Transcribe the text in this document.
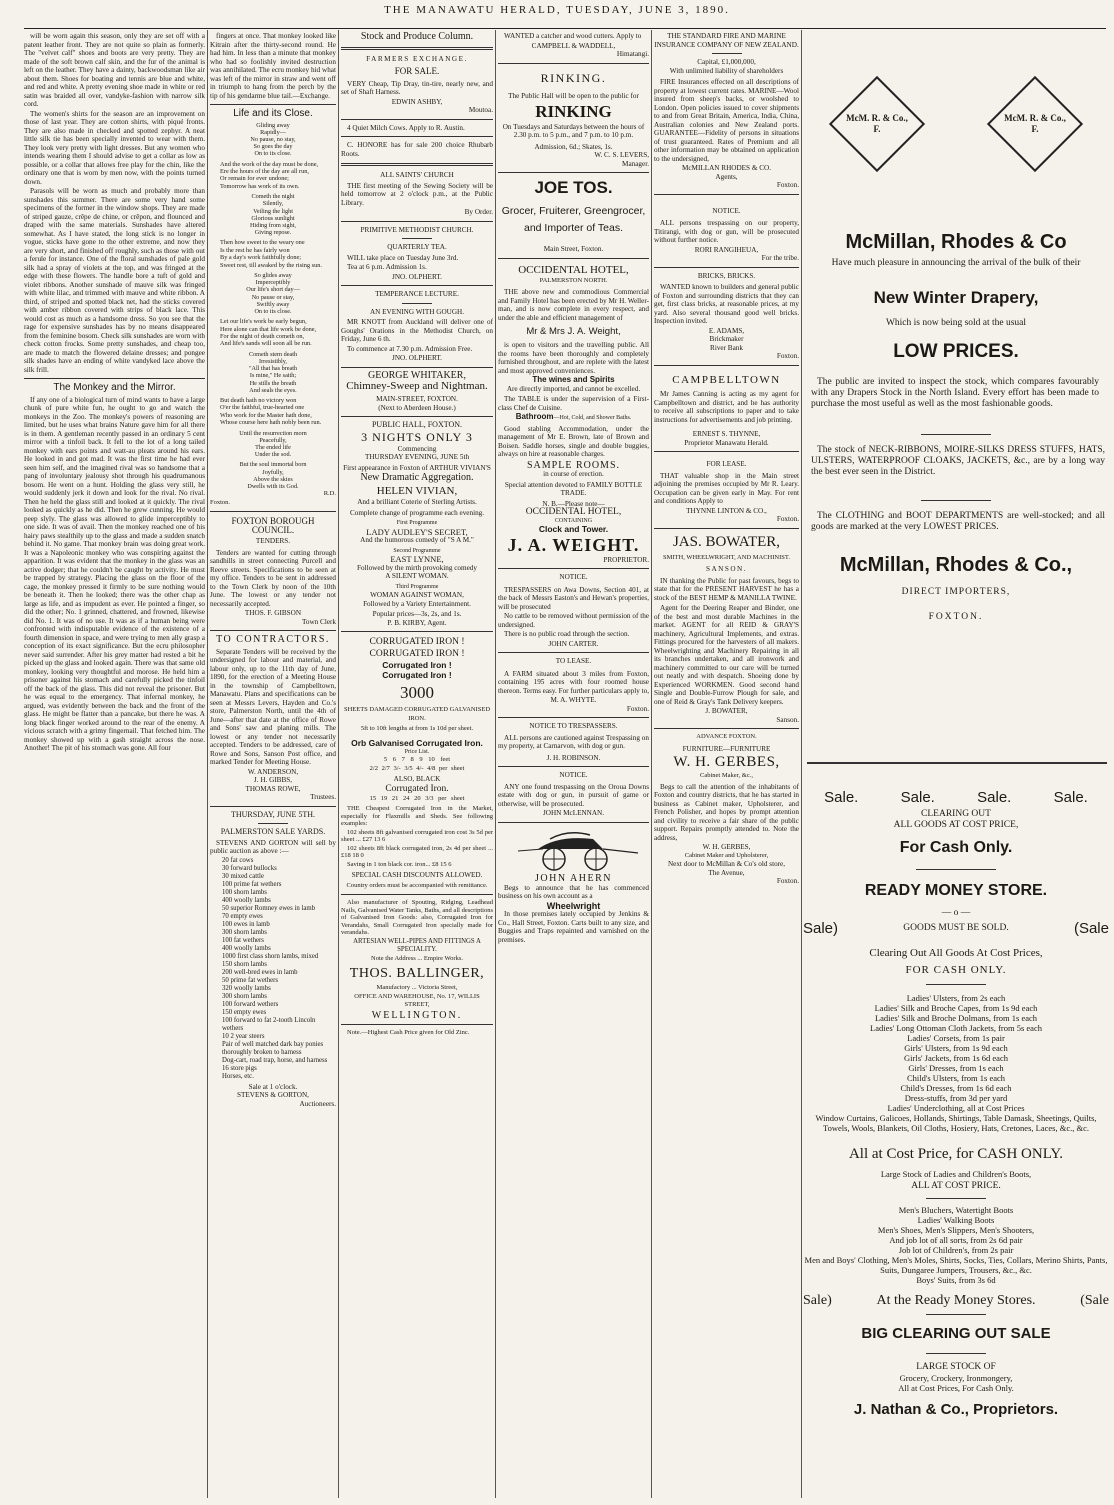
THE MANAWATU HERALD, TUESDAY, JUNE 3, 1890.

will be worn again this season, only they are set off with a patent leather front. They are not quite so plain as formerly. The "velvet calf" shoes and boots are very pretty. They are made of the soft brown calf skin, and the fur of the animal is left on the leather. They have a dainty, backwoodsman like air about them. Shoes for boating and tennis are blue and white, and red and white. A pretty evening shoe made in white or red satin was braided all over, vandyke-fashion with narrow silk cord.

The women's shirts for the season are an improvement on those of last year. They are cotton shirts, with piqué fronts. They are also made in checked and spotted zephyr. A neat little silk tie has been specially invented to wear with them. They look very pretty with light dresses. But any women who intends wearing them I should advise to get a collar as low as possible, or a collar that allows free play for the chin, like the ordinary one that is worn by men now, with the points turned down.

Parasols will be worn as much and probably more than sunshades this summer. There are some very hand some specimens of the former in the window shops. They are made of striped gauze, crêpe de chine, or crêpon, and flounced and draped with the same materials. Sunshades have altered somewhat. As I have stated, the long stick is no longer in vogue, sticks have gone to the other extreme, and now they are very short, and finished off roughly, such as those with out a ferule for instance. One of the floral sunshades of pale gold silk had a spray of violets at the top, and was fringed at the edge with these flowers. The handle bore a tuft of gold and violet ribbons. Another sunshade of mauve silk was fringed with white lilac, and trimmed with mauve and white ribbon. A third, of striped and spotted black net, had the sticks covered with amber ribbon covered with strips of black lace. This would cost as much as a handsome dress. So you see that the rage for expensive sunshades has by no means disappeared from the feminine bosom. Check silk sunshades are worn with check cotton frocks. Some pretty sunshades, and cheap too, are made to match the flowered delaine dresses; and pongee silk shades have an ending of white vandyked lace above the silk frill.

The Monkey and the Mirror.

If any one of a biological turn of mind wants to have a large chunk of pure white fun, he ought to go and watch the monkeys in the Zoo. The monkey's powers of reasoning are limited, but he uses what brains Nature gave him for all there is in them. A gentleman recently passed in an ordinary 5 cent mirror with a tinfoil back. It fell to the lot of a long tailed monkey with ears points and watt-au pleats around his ears. He looked in and got mad. It was the first time he had ever seen him self, and the imagined rival was so handsome that a pang of involuntary jealousy shot through his quadrumanous bosom. He went on a hunt. Holding the glass very still, he would suddenly jerk it down and look for the rival. No rival. Then he held the glass still and looked at it quickly. The rival looked as quickly as he did. Then he grew cunning. He would peep slyly. The glass was allowed to glide imperceptibly to one side. It was of avail. Then the monkey reached one of his hairy paws stealthily up to the glass and made a sudden snatch behind it. No game. That monkey brain was doing great work. It was a Napoleonic monkey who was conspiring against the apparition. It was evident that the monkey in the glass was an active dodger; that he couldn't be caught by activity. He must be trapped by strategy. Placing the glass on the floor of the cage, the monkey pressed it firmly to be sure nothing would be beneath it. Then he looked; there was the other chap as large as life, and as impudent as ever. He pointed a finger, so did the other; No. 1 grinned, chattered, and frowned, likewise did No. 1. It was of no use. It was as if a human being were confronted with indisputable evidence of the existence of a fourth dimension in space, and were trying to men ally grasp a conception of its exact significance. But the ecru philosopher never said surrender. After his grey matter had rested a bit he picked up the glass and looked again. There was that same old monkey, looking very thoughtful and morose. He held him a prisoner against his stomach and carefully picked the tinfoil off the back of the glass. This did not reveal the prisoner. But he was equal to the emergency. That infernal monkey, he argued, was evidently between the back and the front of the glass. He might be flatter than a pancake, but there he was. A long black finger worked around to the rear of the enemy. A vicious scratch with a grimy fingernail. That fetched him. The monkey showed up with a gash straight across the nose. Another! The pit of his stomach was gone. All four

fingers at once. That monkey looked like Kitrain after the thirty-second round. He had him. In less than a minute that monkey who had so foolishly invited destruction was annihilated. The ecru monkey hid what was left of the mirror in straw and went off in triumph to hang from the perch by the tip of his gendarme blue tail.—Exchange.

Life and its Close.
Gliding away
Rapidly—
No pause, no stay,
So goes the day
On to its close.
And the work of the day must be done,
Ere the hours of the day are all run,
Or remain for ever undone;
Tomorrow has work of its own.
Cometh the night
Silently,
Veiling the light
Glorious sunlight
Hiding from sight,
Giving repose.
Then how sweet to the weary one
Is the rest he has fairly won
By a day's work faithfully done;
Sweet rest, till awaked by the rising sun.
So glides away
Imperceptibly
Our life's short day—
No pause or stay,
Swiftly away
On to its close.
Let our life's work be early begun,
Here alone can that life work be done,
For the night of death cometh on,
And life's sands will soon all be run.
Cometh stern death
Irresistibly,
"All that has breath
Is mine," He saith;
He stills the breath
And seals the eyes.
But death hath no victory won
O'er the faithful, true-hearted one
Who work for the Master hath done,
Whose course here hath nobly been run.
Until the resurrection morn
Peacefully,
The ended life
Under the sod.
But the soul immortal born
Joyfully,
Above the skies
Dwells with its God.
R.D.
Foxton.
FOXTON BOROUGH COUNCIL.
TENDERS.

Tenders are wanted for cutting through sandhills in street connecting Purcell and Reeve streets. Specifications to be seen at my office. Tenders to be sent in addressed to the Town Clerk by noon of the 10th June. The lowest or any tender not necessarily accepted.

THOS. F. GIBSON
Town Clerk
TO CONTRACTORS.

Separate Tenders will be received by the undersigned for labour and material, and labour only, up to the 11th day of June, 1890, for the erection of a Meeting House in the township of Campbelltown, Manawatu. Plans and specifications can be seen at Messrs Levers, Hayden and Co.'s store, Palmerston North, until the 4th of June—after that date at the office of Rowe and Sons' saw and planing mills. The lowest or any tender not necessarily accepted. Tenders to be addressed, care of Rowe and Sons, Sanson Post office, and marked Tender for Meeting House.

W. ANDERSON,
J. H. GIBBS,
THOMAS ROWE,
Trustees.
THURSDAY, JUNE 5TH.
PALMERSTON SALE YARDS.

STEVENS AND GORTON will sell by public auction as above :—

20 fat cows
30 forward bullocks
30 mixed cattle
100 prime fat wethers
100 shorn lambs
400 woolly lambs
50 superior Romney ewes in lamb
70 empty ewes
100 ewes in lamb
300 shorn lambs
100 fat wethers
400 woolly lambs
1000 first class shorn lambs, mixed
150 shorn lambs
200 well-bred ewes in lamb
50 prime fat wethers
320 woolly lambs
300 shorn lambs
100 forward wethers
150 empty ewes
100 forward to fat 2-tooth Lincoln wethers
10 2 year steers
Pair of well matched dark bay ponies thoroughly broken to harness
Dog-cart, road trap, horse, and harness
16 store pigs
Horses, etc.
Sale at 1 o'clock.
STEVENS & GORTON,
Auctioneers.
Stock and Produce Column.
FARMERS EXCHANGE.
FOR SALE.

VERY Cheap, Tip Dray, tin-tire, nearly new, and set of Shaft Harness.

EDWIN ASHBY,
Moutoa.

4 Quiet Milch Cows. Apply to R. Austin.

C. HONORE has for sale 200 choice Rhubarb Roots.

ALL SAINTS' CHURCH

THE first meeting of the Sewing Society will be held tomorrow at 2 o'clock p.m., at the Public Library.

By Order.
PRIMITIVE METHODIST CHURCH.
QUARTERLY TEA.

WILL take place on Tuesday June 3rd.

Tea at 6 p.m. Admission 1s.

JNO. OLPHERT.
TEMPERANCE LECTURE.
AN EVENING WITH GOUGH.

MR KNOTT from Auckland will deliver one of Goughs' Orations in the Methodist Church, on Friday, June 6 th.

To commence at 7.30 p.m. Admission Free.

JNO. OLPHERT.
GEORGE WHITAKER,
Chimney-Sweep and Nightman.
MAIN-STREET, FOXTON.
(Next to Aberdeen House.)
PUBLIC HALL, FOXTON.
3 NIGHTS ONLY 3
Commencing
THURSDAY EVENING, JUNE 5th
First appearance in Foxton of ARTHUR VIVIAN'S
New Dramatic Aggregation.
HELEN VIVIAN,
And a brilliant Coterie of Sterling Artists.
Complete change of programme each evening.
First Programme
LADY AUDLEY'S SECRET,
And the humorous comedy of "S A M."
Second Programme
EAST LYNNE,
Followed by the mirth provoking comedy
A SILENT WOMAN.
Third Programme
WOMAN AGAINST WOMAN,
Followed by a Variety Entertainment.
Popular prices—3s, 2s, and 1s.
P. B. KIRBY, Agent.
CORRUGATED IRON !
CORRUGATED IRON !
Corrugated Iron !
Corrugated Iron !
3000
SHEETS DAMAGED CORRUGATED GALVANISED IRON.
5ft to 10ft lengths at from 1s 10d per sheet.
Orb Galvanised Corrugated Iron.
Price List.
5 6 7 8 9 10 feet
2/2 2/7 3/- 3/5 4/- 4/8 per sheet
ALSO, BLACK
Corrugated Iron.
15 19 21 24 20 3/3 per sheet

THE Cheapest Corrugated Iron in the Market, especially for Flaxmills and Sheds. See following examples:

102 sheets 8ft galvanised corrugated iron cost 3s 5d per sheet ... £27 13 6

102 sheets 8ft black corrugated iron, 2s 4d per sheet ... £18 18 0

Saving in 1 ton black cor. iron... £8 15 6

SPECIAL CASH DISCOUNTS ALLOWED.
Country orders must be accompanied with remittance.

Also manufacturer of Spouting, Ridging, Leadhead Nails, Galvanised Water Tanks, Baths, and all descriptions of Galvanised Iron Goods: also, Corrugated Iron for Verandahs, Small Corrugated Iron specially made for verandahs.

ARTESIAN WELL-PIPES AND FITTINGS A SPECIALITY.
Note the Address ... Empire Works.
THOS. BALLINGER,
Manufactory ... Victoria Street,
OFFICE AND WAREHOUSE, No. 17, WILLIS STREET,
WELLINGTON.

Note.—Highest Cash Price given for Old Zinc.

WANTED a catcher and wood cutters. Apply to

CAMPBELL & WADDELL,
Himatangi.
RINKING.
The Public Hall will be open to the public for
RINKING
On Tuesdays and Saturdays between the hours of 2.30 p.m. to 5 p.m., and 7 p.m. to 10 p.m.
Admission, 6d.; Skates, 1s.
W. C. S. LEVERS,
Manager.
JOE TOS.
Grocer, Fruiterer, Greengrocer, and Importer of Teas.
Main Street, Foxton.
OCCIDENTAL HOTEL,
PALMERSTON NORTH.

THE above new and commodious Commercial and Family Hotel has been erected by Mr H. Weller-man, and is now complete in every respect, and under the able and efficient management of

Mr & Mrs J. A. Weight,

is open to visitors and the travelling public. All the rooms have been thoroughly and completely furnished throughout, and are replete with the latest and most approved conveniences.

The wines and Spirits
Are directly imported, and cannot be excelled.

The TABLE is under the supervision of a First-class Chef de Cuisine.

Bathroom—Hot, Cold, and Shower Baths.

Good stabling Accommodation, under the management of Mr E. Brown, late of Brown and Boisen. Saddle horses, single and double buggies, always on hire at reasonable charges.

SAMPLE ROOMS.
in course of erection.
Special attention devoted to FAMILY BOTTLE TRADE.
N. B.—Please note—
OCCIDENTAL HOTEL,
CONTAINING
Clock and Tower.
J. A. WEIGHT.
PROPRIETOR.
NOTICE.

TRESPASSERS on Awa Downs, Section 401, at the back of Messrs Easton's and Hewan's properties, will be prosecuted

No cattle to be removed without permission of the undersigned.

There is no public road through the section.

JOHN CARTER.
TO LEASE.

A FARM situated about 3 miles from Foxton, containing 195 acres with four roomed house thereon. Terms easy. For further particulars apply to,

M. A. WHYTE.
Foxton.
NOTICE TO TRESPASSERS.

ALL persons are cautioned against Trespassing on my property, at Carnarvon, with dog or gun.

J. H. ROBINSON.
NOTICE.

ANY one found trespassing on the Oroua Downs estate with dog or gun, in pursuit of game or otherwise, will be prosecuted.

JOHN McLENNAN.
JOHN AHERN

Begs to announce that he has commenced business on his own account as a

Wheelwright

In those premises lately occupied by Jenkins & Co., Hall Street, Foxton. Carts built to any size, and Buggies and Traps repainted and varnished on the premises.

THE STANDARD FIRE AND MARINE INSURANCE COMPANY OF NEW ZEALAND.
Capital, £1,000,000,
With unlimited liability of shareholders

FIRE Insurances effected on all descriptions of property at lowest current rates. MARINE—Wool insured from sheep's backs, or woolshed to London. Open policies issued to cover shipments to and from Great Britain, America, India, China, Australian colonies and New Zealand ports. GUARANTEE—Fidelity of persons in situations of trust guaranteed. Rates of Premium and all other information may be obtained on application to the undersigned,

McMILLAN RHODES & CO.
Agents,
Foxton.
NOTICE.

ALL persons trespassing on our property, Titirangi, with dog or gun, will be prosecuted without further notice.

RORI RANGIHEUA,
For the tribe.
BRICKS, BRICKS.

WANTED known to builders and general public of Foxton and surrounding districts that they can get, first class bricks, at reasonable prices, at my yard. Also several thousand good well bricks. Inspection invited.

E. ADAMS,
Brickmaker
River Bank
Foxton.
CAMPBELLTOWN

Mr James Canning is acting as my agent for Campbelltown and district, and he has authority to receive all subscriptions to paper and to take instructions for advertisements and job printing.

ERNEST S. THYNNE,
Proprietor Manawatu Herald.
FOR LEASE.

THAT valuable shop in the Main street adjoining the premises occupied by Mr R. Leary. Occupation can be given early in May. For rent and conditions Apply to

THYNNE LINTON & CO.,
Foxton.
JAS. BOWATER,
SMITH, WHEELWRIGHT, AND MACHINIST.
SANSON.

IN thanking the Public for past favours, begs to state that for the PRESENT HARVEST he has a stock of the BEST HEMP & MANILLA TWINE.

Agent for the Deering Reaper and Binder, one of the best and most durable Machines in the market. AGENT for all REID & GRAY'S machinery, Agricultural Implements, and extras. Fittings procured for the harvesters of all makers. Wheelwrighting and Machinery Repairing in all its branches undertaken, and all ironwork and machinery committed to our care will be turned out neatly and with despatch. Shoeing done by Experienced WORKMEN. Good second hand Single and Double-Furrow Plough for sale, and one of Reid & Gray's Tank Delivery keepers.

J. BOWATER,
Sanson.
ADVANCE FOXTON.
FURNITURE—FURNITURE
W. H. GERBES,
Cabinet Maker, &c.,

Begs to call the attention of the inhabitants of Foxton and country districts, that he has started in business as Cabinet maker, Upholsterer, and French Polisher, and hopes by prompt attention and civility to receive a fair share of the public support. Repairs promptly attended to. Note the address,

W. H. GERBES,
Cabinet Maker and Upholsterer,
Next door to McMillan & Co's old store,
The Avenue,
Foxton.
McM. R. & Co.,
F.
McM. R. & Co.,
F.
McMillan, Rhodes & Co
Have much pleasure in announcing the arrival of the bulk of their
New Winter Drapery,
Which is now being sold at the usual
LOW PRICES.

The public are invited to inspect the stock, which compares favourably with any Drapers Stock in the North Island. Every effort has been made to purchase the most useful as well as the most fashionable goods.

The stock of NECK-RIBBONS, MOIRE-SILKS DRESS STUFFS, HATS, ULSTERS, WATERPROOF CLOAKS, JACKETS, &c., are by a long way the best ever seen in the District.

The CLOTHING and BOOT DEPARTMENTS are well-stocked; and all goods are marked at the very LOWEST PRICES.

McMillan, Rhodes & Co.,
DIRECT IMPORTERS,
FOXTON.
Sale.	Sale.	Sale.	Sale.
CLEARING OUT
ALL GOODS AT COST PRICE,
For Cash Only.
READY MONEY STORE.
— o —
Sale)	GOODS MUST BE SOLD.	(Sale
Clearing Out All Goods At Cost Prices,
FOR CASH ONLY.
Ladies' Ulsters, from 2s each
Ladies' Silk and Broche Capes, from 1s 9d each
Ladies' Silk and Broche Dolmans, from 1s each
Ladies' Long Ottoman Cloth Jackets, from 5s each
Ladies' Corsets, from 1s pair
Girls' Ulsters, from 1s 9d each
Girls' Jackets, from 1s 6d each
Girls' Dresses, from 1s each
Child's Ulsters, from 1s each
Child's Dresses, from 1s 6d each
Dress-stuffs, from 3d per yard
Ladies' Underclothing, all at Cost Prices
Window Curtains, Galicoes, Hollands, Shirtings, Table Damask, Sheetings, Quilts, Towels, Wools, Blankets, Oil Cloths, Hosiery, Hats, Cretones, Laces, &c., &c.
All at Cost Price, for CASH ONLY.
Large Stock of Ladies and Children's Boots,
ALL AT COST PRICE.
Men's Bluchers, Watertight Boots
Ladies' Walking Boots
Men's Shoes, Men's Slippers, Men's Shooters,
And job lot of all sorts, from 2s 6d pair
Job lot of Children's, from 2s pair
Men and Boys' Clothing, Men's Moles, Shirts, Socks, Ties, Collars, Merino Shirts, Pants, Suits, Dungaree Jumpers, Trousers, &c., &c.
Boys' Suits, from 3s 6d
Sale)	At the Ready Money Stores.	(Sale
BIG CLEARING OUT SALE
LARGE STOCK OF
Grocery, Crockery, Ironmongery,
All at Cost Prices, For Cash Only.
J. Nathan & Co., Proprietors.
